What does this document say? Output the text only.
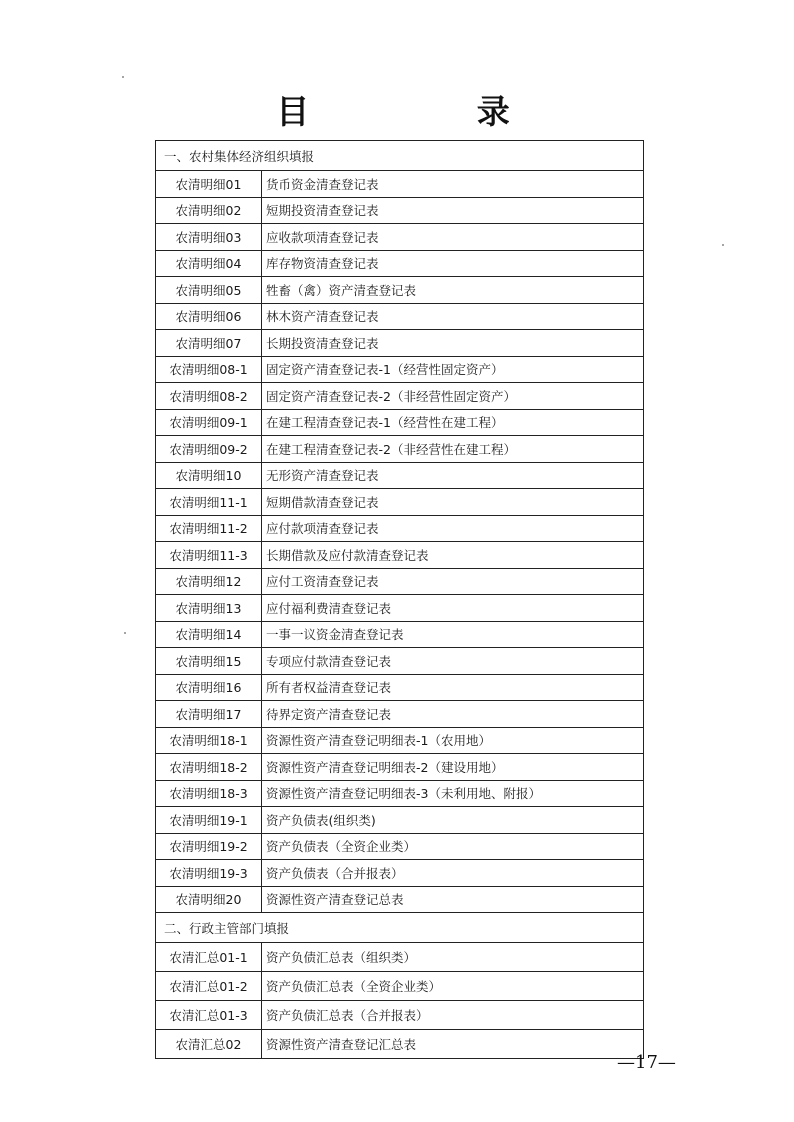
目 录
一、农村集体经济组织填报	
农清明细01	货币资金清查登记表
农清明细02	短期投资清查登记表
农清明细03	应收款项清查登记表
农清明细04	库存物资清查登记表
农清明细05	牲畜（禽）资产清查登记表
农清明细06	林木资产清查登记表
农清明细07	长期投资清查登记表
农清明细08-1	固定资产清查登记表-1（经营性固定资产）
农清明细08-2	固定资产清查登记表-2（非经营性固定资产）
农清明细09-1	在建工程清查登记表-1（经营性在建工程）
农清明细09-2	在建工程清查登记表-2（非经营性在建工程）
农清明细10	无形资产清查登记表
农清明细11-1	短期借款清查登记表
农清明细11-2	应付款项清查登记表
农清明细11-3	长期借款及应付款清查登记表
农清明细12	应付工资清查登记表
农清明细13	应付福利费清查登记表
农清明细14	一事一议资金清查登记表
农清明细15	专项应付款清查登记表
农清明细16	所有者权益清查登记表
农清明细17	待界定资产清查登记表
农清明细18-1	资源性资产清查登记明细表-1（农用地）
农清明细18-2	资源性资产清查登记明细表-2（建设用地）
农清明细18-3	资源性资产清查登记明细表-3（未利用地、附报）
农清明细19-1	资产负债表(组织类)
农清明细19-2	资产负债表（全资企业类）
农清明细19-3	资产负债表（合并报表）
农清明细20	资源性资产清查登记总表
二、行政主管部门填报	
农清汇总01-1	资产负债汇总表（组织类）
农清汇总01-2	资产负债汇总表（全资企业类）
农清汇总01-3	资产负债汇总表（合并报表）
农清汇总02	资源性资产清查登记汇总表
—17—
